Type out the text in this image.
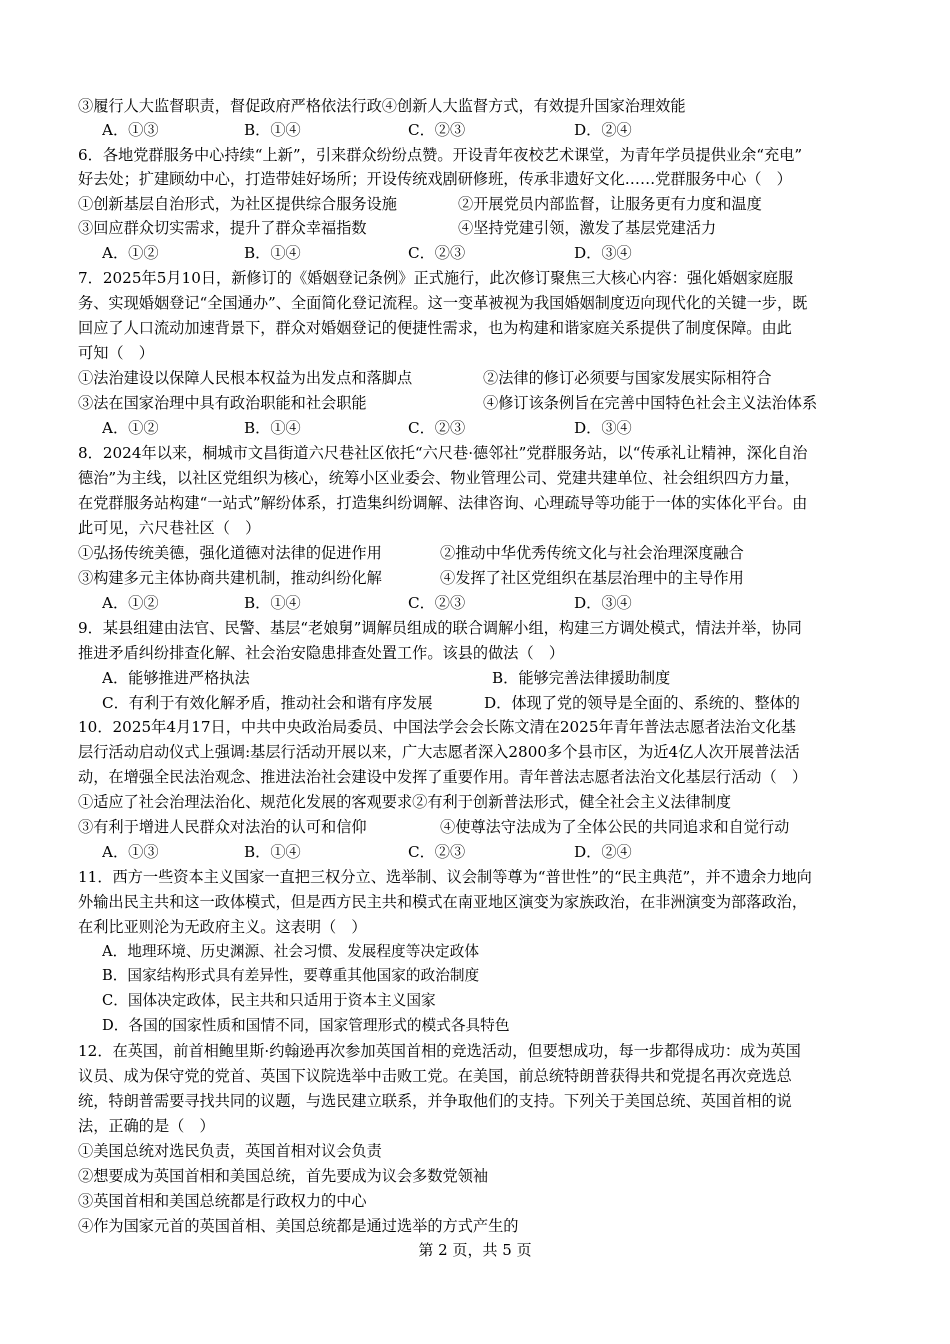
③履行人大监督职责，督促政府严格依法行政④创新人大监督方式，有效提升国家治理效能
A．①③	B．①④	C．②③	D．②④
6．各地党群服务中心持续“上新”，引来群众纷纷点赞。开设青年夜校艺术课堂，为青年学员提供业余“充电”
好去处；扩建顾幼中心，打造带娃好场所；开设传统戏剧研修班，传承非遗好文化……党群服务中心（　）
①创新基层自治形式，为社区提供综合服务设施	②开展党员内部监督，让服务更有力度和温度
③回应群众切实需求，提升了群众幸福指数	④坚持党建引领，激发了基层党建活力
A．①②	B．①④	C．②③	D．③④
7．2025年5月10日，新修订的《婚姻登记条例》正式施行，此次修订聚焦三大核心内容：强化婚姻家庭服
务、实现婚姻登记“全国通办”、全面简化登记流程。这一变革被视为我国婚姻制度迈向现代化的关键一步，既
回应了人口流动加速背景下，群众对婚姻登记的便捷性需求，也为构建和谐家庭关系提供了制度保障。由此
可知（　）
①法治建设以保障人民根本权益为出发点和落脚点	②法律的修订必须要与国家发展实际相符合
③法在国家治理中具有政治职能和社会职能	④修订该条例旨在完善中国特色社会主义法治体系
A．①②	B．①④	C．②③	D．③④
8．2024年以来，桐城市文昌街道六尺巷社区依托“六尺巷·德邻社”党群服务站，以“传承礼让精神，深化自治
德治”为主线，以社区党组织为核心，统筹小区业委会、物业管理公司、党建共建单位、社会组织四方力量，
在党群服务站构建“一站式”解纷体系，打造集纠纷调解、法律咨询、心理疏导等功能于一体的实体化平台。由
此可见，六尺巷社区（　）
①弘扬传统美德，强化道德对法律的促进作用	②推动中华优秀传统文化与社会治理深度融合
③构建多元主体协商共建机制，推动纠纷化解	④发挥了社区党组织在基层治理中的主导作用
A．①②	B．①④	C．②③	D．③④
9．某县组建由法官、民警、基层“老娘舅”调解员组成的联合调解小组，构建三方调处模式，情法并举，协同
推进矛盾纠纷排查化解、社会治安隐患排查处置工作。该县的做法（　）
A．能够推进严格执法	B．能够完善法律援助制度
C．有利于有效化解矛盾，推动社会和谐有序发展	D．体现了党的领导是全面的、系统的、整体的
10．2025年4月17日，中共中央政治局委员、中国法学会会长陈文清在2025年青年普法志愿者法治文化基
层行活动启动仪式上强调:基层行活动开展以来，广大志愿者深入2800多个县市区，为近4亿人次开展普法活
动，在增强全民法治观念、推进法治社会建设中发挥了重要作用。青年普法志愿者法治文化基层行活动（　）
①适应了社会治理法治化、规范化发展的客观要求②有利于创新普法形式，健全社会主义法律制度
③有利于增进人民群众对法治的认可和信仰	④使尊法守法成为了全体公民的共同追求和自觉行动
A．①③	B．①④	C．②③	D．②④
11．西方一些资本主义国家一直把三权分立、选举制、议会制等尊为“普世性”的“民主典范”，并不遗余力地向
外输出民主共和这一政体模式，但是西方民主共和模式在南亚地区演变为家族政治，在非洲演变为部落政治，
在利比亚则沦为无政府主义。这表明（　）
A．地理环境、历史渊源、社会习惯、发展程度等决定政体
B．国家结构形式具有差异性，要尊重其他国家的政治制度
C．国体决定政体，民主共和只适用于资本主义国家
D．各国的国家性质和国情不同，国家管理形式的模式各具特色
12．在英国，前首相鲍里斯·约翰逊再次参加英国首相的竞选活动，但要想成功，每一步都得成功：成为英国
议员、成为保守党的党首、英国下议院选举中击败工党。在美国，前总统特朗普获得共和党提名再次竞选总
统，特朗普需要寻找共同的议题，与选民建立联系，并争取他们的支持。下列关于美国总统、英国首相的说
法，正确的是（　）
①美国总统对选民负责，英国首相对议会负责
②想要成为英国首相和美国总统，首先要成为议会多数党领袖
③英国首相和美国总统都是行政权力的中心
④作为国家元首的英国首相、美国总统都是通过选举的方式产生的
第 2 页，共 5 页
